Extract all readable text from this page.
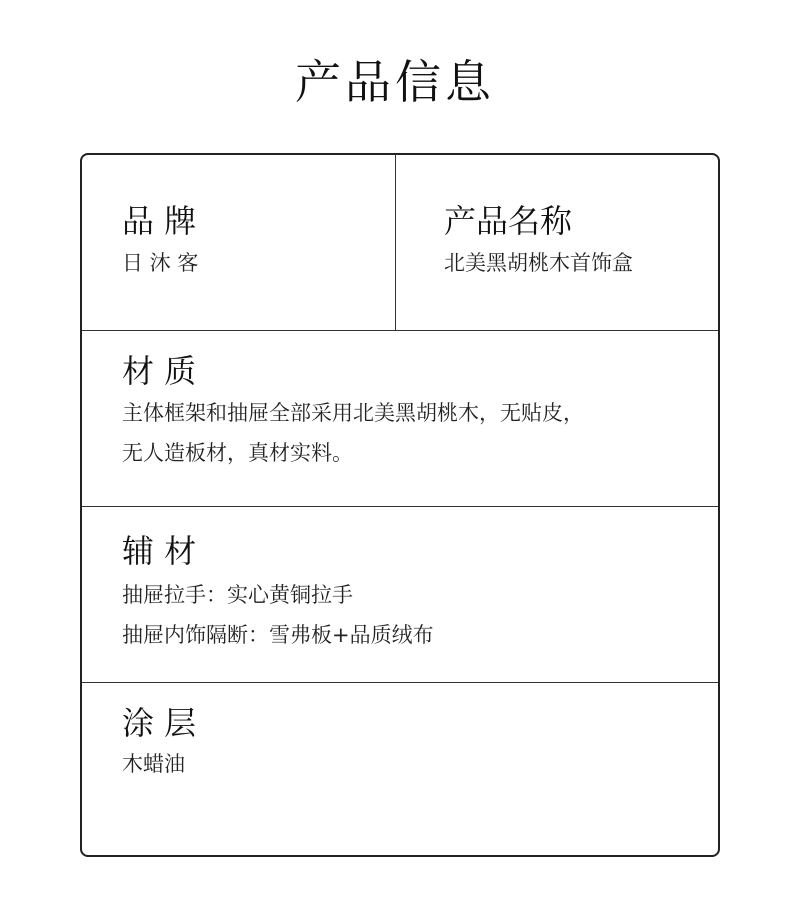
产品信息
品 牌
日 沐 客
产品名称
北美黑胡桃木首饰盒
材 质
主体框架和抽屉全部采用北美黑胡桃木，无贴皮，
无人造板材，真材实料。
辅 材
抽屉拉手：实心黄铜拉手
抽屉内饰隔断：雪弗板+品质绒布
涂 层
木蜡油
